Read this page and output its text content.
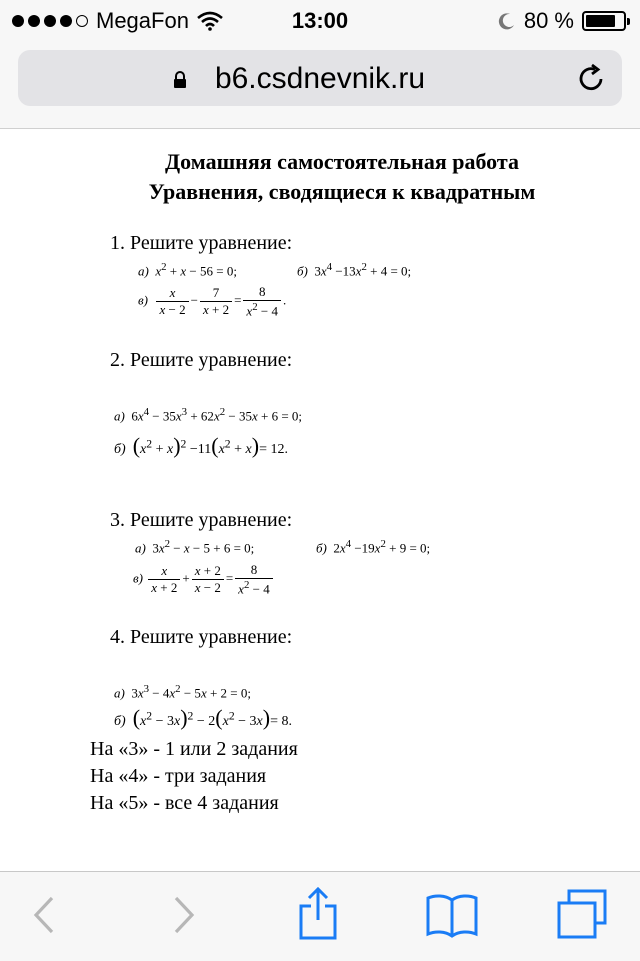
MegaFon	13:00	80 %
b6.csdnevnik.ru
Домашняя самостоятельная работа
Уравнения, сводящиеся к квадратным
1. Решите уравнение:
а) $x^2 + x - 56 = 0$;	б)  $3x^4 -13x^2 + 4 = 0$;
$в) \frac{x}{x - 2} - \frac{7}{x + 2} = \frac{8}{x^2 - 4}$ .
2. Решите уравнение:
а)  $6x^4 - 35x^3 + 62x^2 - 35x + 6 = 0$;
б) $(x^2 + x)^2 -11(x^2 + x)= 12$.
3. Решите уравнение:
а)  $3x^2 - x - 5 + 6 = 0$;	б)  $2x^4 -19x^2 + 9 = 0$;
$в) \frac{x}{x + 2} + \frac{x + 2}{x - 2} = \frac{8}{x^2 - 4}$
4. Решите уравнение:
а)  $3x^3 - 4x^2 - 5x + 2 = 0$;
б) $(x^2 - 3x)^2 - 2(x^2 - 3x)= 8$.
На «3» - 1 или 2 задания
На «4» - три задания
На «5» - все 4 задания
